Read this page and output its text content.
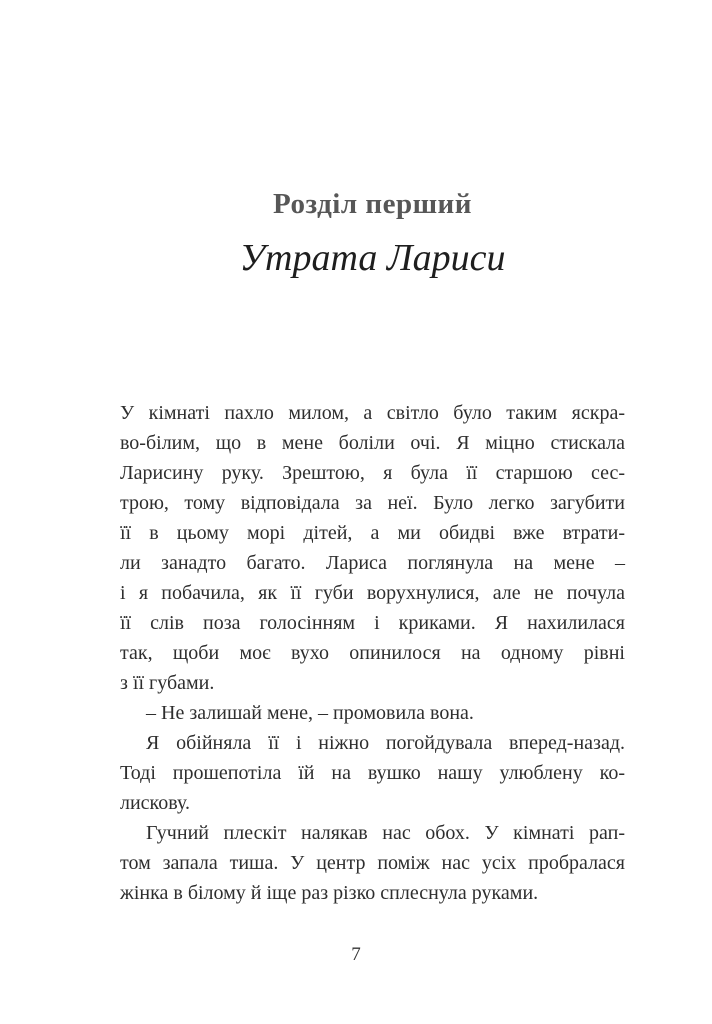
Розділ перший
Утрата Лариси
У кімнаті пахло милом, а світло було таким яскра-
во-білим, що в мене боліли очі. Я міцно стискала
Ларисину руку. Зрештою, я була її старшою сес-
трою, тому відповідала за неї. Було легко загубити
її в цьому морі дітей, а ми обидві вже втрати-
ли занадто багато. Лариса поглянула на мене –
і я побачила, як її губи ворухнулися, але не почула
її слів поза голосінням і криками. Я нахилилася
так, щоби моє вухо опинилося на одному рівні
з її губами.
– Не залишай мене, – промовила вона.
Я обійняла її і ніжно погойдувала вперед-назад.
Тоді прошепотіла їй на вушко нашу улюблену ко-
лискову.
Гучний плескіт налякав нас обох. У кімнаті рап-
том запала тиша. У центр поміж нас усіх пробралася
жінка в білому й іще раз різко сплеснула руками.
7
